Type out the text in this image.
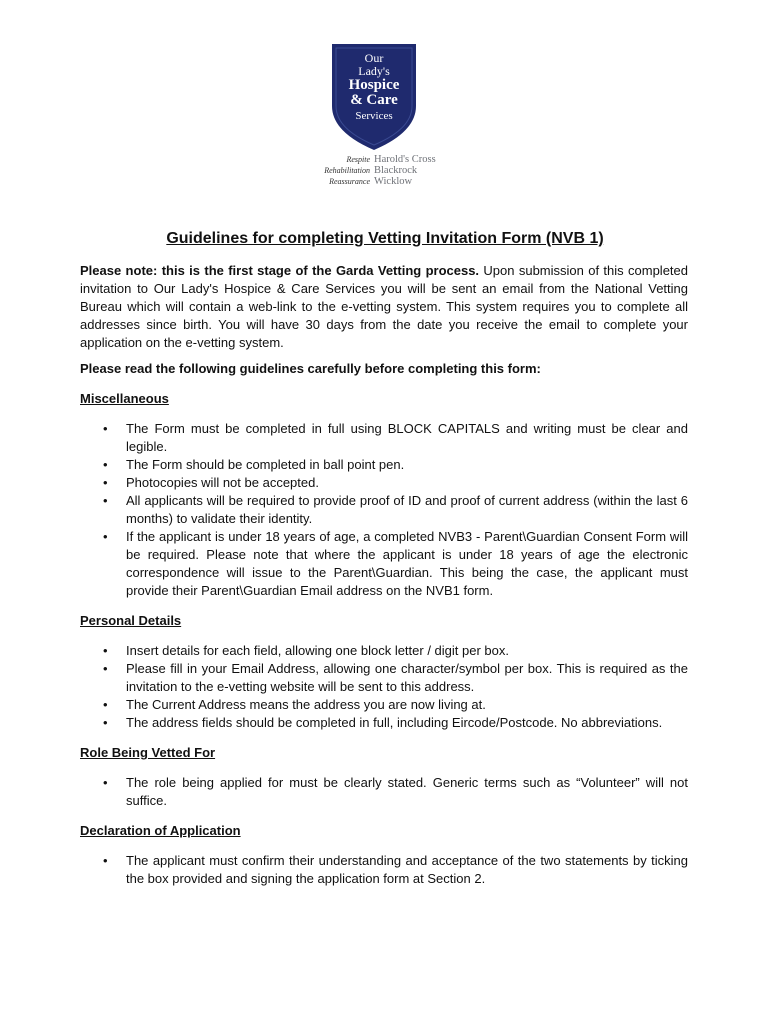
Our
Lady's
Hospice
& Care
Services
Respite Harold's Cross
Rehabilitation Blackrock
Reassurance Wicklow
Guidelines for completing Vetting Invitation Form (NVB 1)

Please note: this is the first stage of the Garda Vetting process. Upon submission of this completed invitation to Our Lady's Hospice & Care Services you will be sent an email from the National Vetting Bureau which will contain a web-link to the e-vetting system. This system requires you to complete all addresses since birth. You will have 30 days from the date you receive the email to complete your application on the e-vetting system.

Please read the following guidelines carefully before completing this form:

Miscellaneous

• The Form must be completed in full using BLOCK CAPITALS and writing must be clear and legible.
• The Form should be completed in ball point pen.
• Photocopies will not be accepted.
• All applicants will be required to provide proof of ID and proof of current address (within the last 6 months) to validate their identity.
• If the applicant is under 18 years of age, a completed NVB3 - Parent\Guardian Consent Form will be required. Please note that where the applicant is under 18 years of age the electronic correspondence will issue to the Parent\Guardian. This being the case, the applicant must provide their Parent\Guardian Email address on the NVB1 form.

Personal Details

• Insert details for each field, allowing one block letter / digit per box.
• Please fill in your Email Address, allowing one character/symbol per box. This is required as the invitation to the e-vetting website will be sent to this address.
• The Current Address means the address you are now living at.
• The address fields should be completed in full, including Eircode/Postcode. No abbreviations.

Role Being Vetted For

• The role being applied for must be clearly stated. Generic terms such as “Volunteer” will not suffice.

Declaration of Application

• The applicant must confirm their understanding and acceptance of the two statements by ticking the box provided and signing the application form at Section 2.
